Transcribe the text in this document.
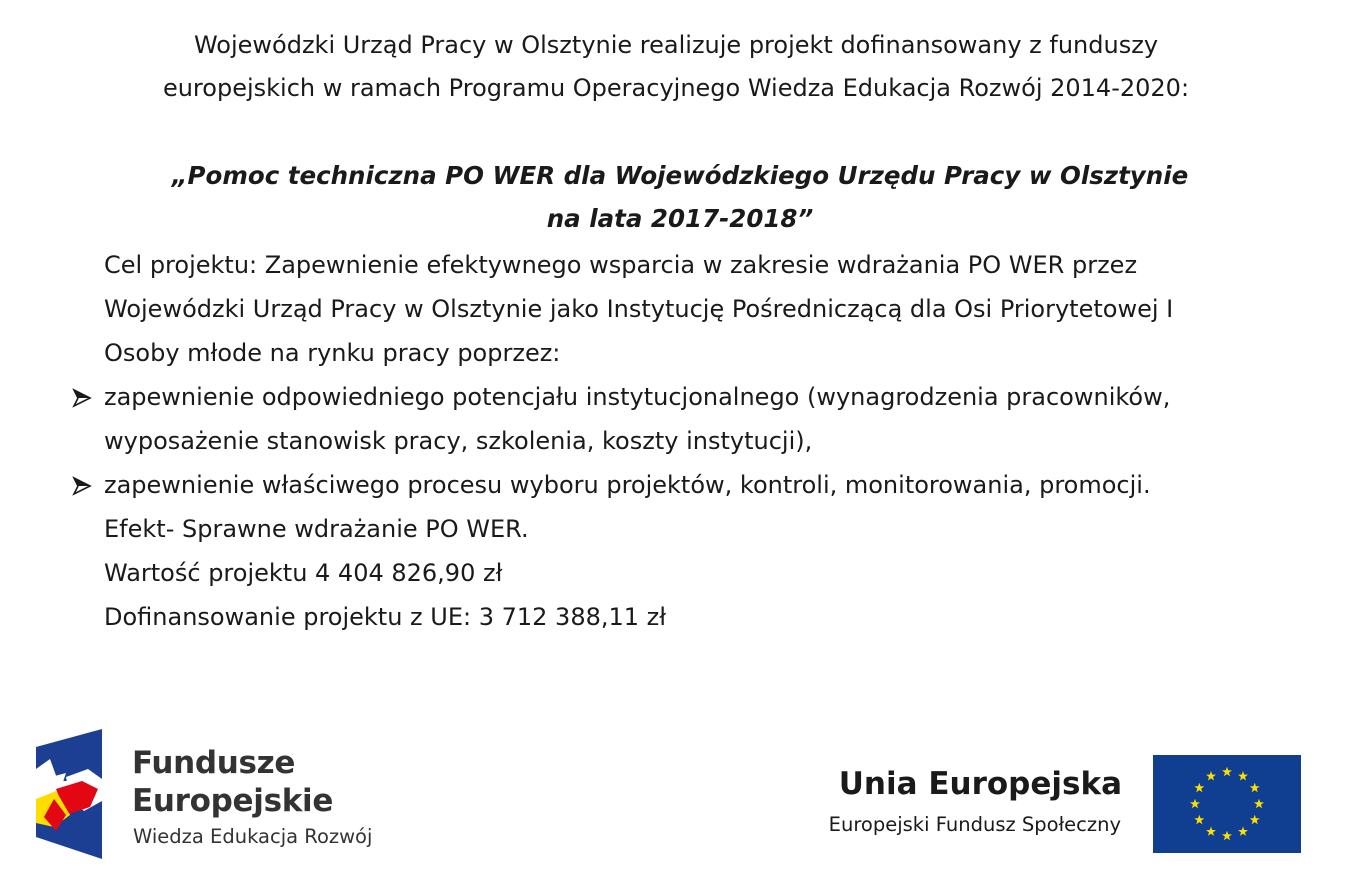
Wojewódzki Urząd Pracy w Olsztynie realizuje projekt dofinansowany z funduszy
europejskich w ramach Programu Operacyjnego Wiedza Edukacja Rozwój 2014-2020:
„Pomoc techniczna PO WER dla Wojewódzkiego Urzędu Pracy w Olsztynie
na lata 2017-2018”
Cel projektu: Zapewnienie efektywnego wsparcia w zakresie wdrażania PO WER przez
Wojewódzki Urząd Pracy w Olsztynie jako Instytucję Pośredniczącą dla Osi Priorytetowej I
Osoby młode na rynku pracy poprzez:
zapewnienie odpowiedniego potencjału instytucjonalnego (wynagrodzenia pracowników,
wyposażenie stanowisk pracy, szkolenia, koszty instytucji),
zapewnienie właściwego procesu wyboru projektów, kontroli, monitorowania, promocji.
Efekt- Sprawne wdrażanie PO WER.
Wartość projektu 4 404 826,90 zł
Dofinansowanie projektu z UE: 3 712 388,11 zł
Fundusze
Europejskie
Wiedza Edukacja Rozwój
Unia Europejska
Europejski Fundusz Społeczny
